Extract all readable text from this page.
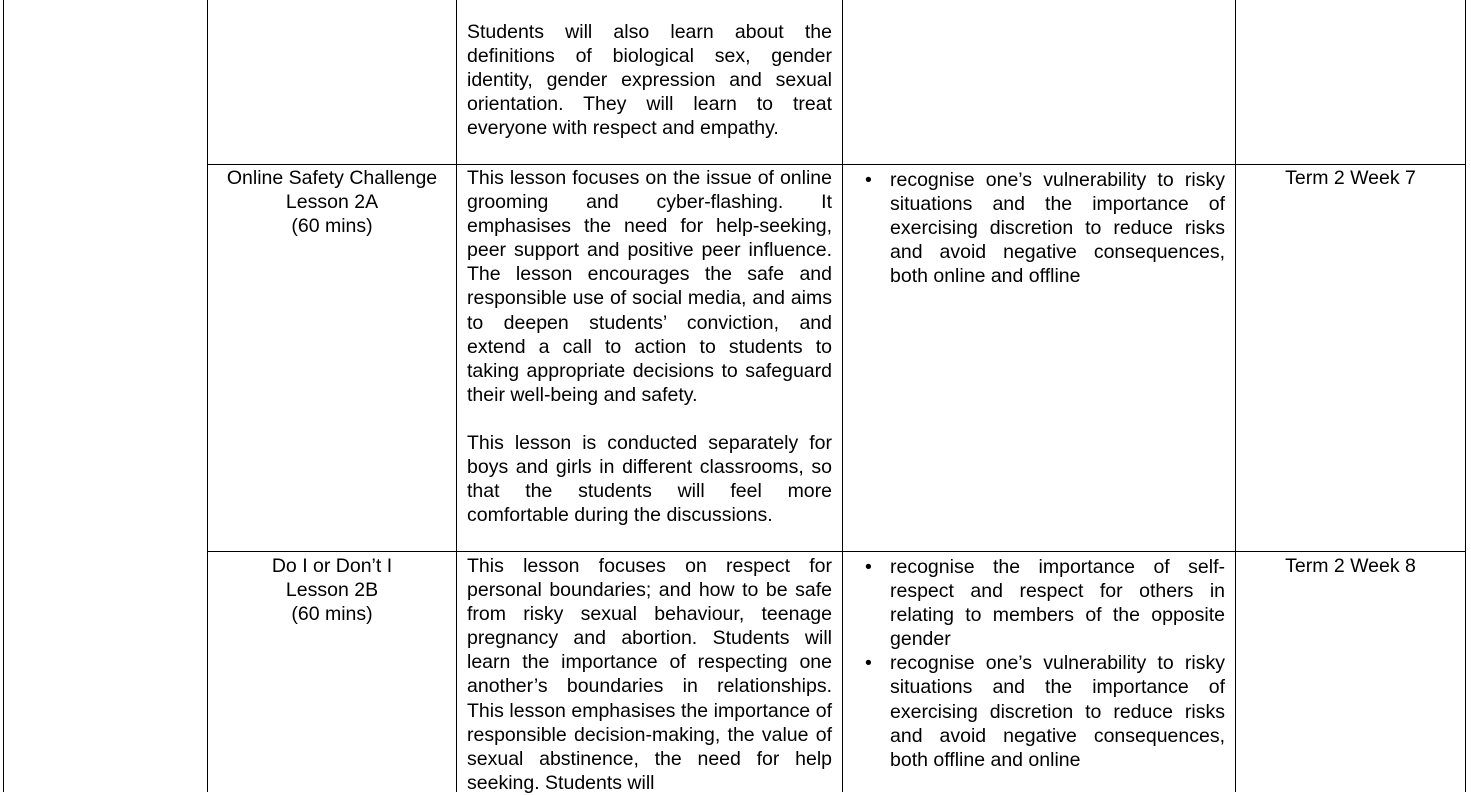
Students will also learn about the definitions of biological sex, gender identity, gender expression and sexual orientation. They will learn to treat everyone with respect and empathy.

Online Safety Challenge
Lesson 2A
(60 mins)

This lesson focuses on the issue of online grooming and cyber-flashing. It emphasises the need for help-seeking, peer support and positive peer influence. The lesson encourages the safe and responsible use of social media, and aims to deepen students’ conviction, and extend a call to action to students to taking appropriate decisions to safeguard their well-being and safety.

This lesson is conducted separately for boys and girls in different classrooms, so that the students will feel more comfortable during the discussions.

• recognise one’s vulnerability to risky situations and the importance of exercising discretion to reduce risks and avoid negative consequences, both online and offline
Term 2 Week 7
Do I or Don’t I
Lesson 2B
(60 mins)

This lesson focuses on respect for personal boundaries; and how to be safe from risky sexual behaviour, teenage pregnancy and abortion. Students will learn the importance of respecting one another’s boundaries in relationships. This lesson emphasises the importance of responsible decision-making, the value of sexual abstinence, the need for help seeking. Students will

• recognise the importance of self-respect and respect for others in relating to members of the opposite gender
• recognise one’s vulnerability to risky situations and the importance of exercising discretion to reduce risks and avoid negative consequences, both offline and online
Term 2 Week 8
